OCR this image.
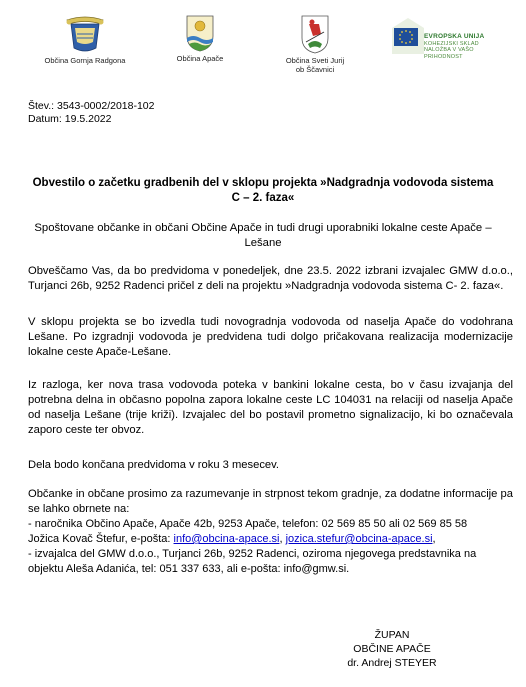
Občina Gornja Radgona	Občina Apače	Občina Sveti Jurij
ob Ščavnici
EVROPSKA UNIJA
KOHEZIJSKI SKLAD
NALOŽBA V VAŠO PRIHODNOST
Štev.: 3543-0002/2018-102
Datum: 19.5.2022
Obvestilo o začetku gradbenih del v sklopu projekta »Nadgradnja vodovoda sistema C – 2. faza«
Spoštovane občanke in občani Občine Apače in tudi drugi uporabniki lokalne ceste Apače – Lešane

Obveščamo Vas, da bo predvidoma v ponedeljek, dne 23.5. 2022 izbrani izvajalec GMW d.o.o., Turjanci 26b, 9252 Radenci pričel z deli na projektu »Nadgradnja vodovoda sistema C- 2. faza«.

V sklopu projekta se bo izvedla tudi novogradnja vodovoda od naselja Apače do vodohrana Lešane. Po izgradnji vodovoda je predvidena tudi dolgo pričakovana realizacija modernizacije lokalne ceste Apače-Lešane.

Iz razloga, ker nova trasa vodovoda poteka v bankini lokalne cesta, bo v času izvajanja del potrebna delna in občasno popolna zapora lokalne ceste LC 104031 na relaciji od naselja Apače od naselja Lešane (trije križi). Izvajalec del bo postavil prometno signalizacijo, ki bo označevala zaporo ceste ter obvoz.

Dela bodo končana predvidoma v roku 3 mesecev.

Občanke in občane prosimo za razumevanje in strpnost tekom gradnje, za dodatne informacije pa se lahko obrnete na:

- naročnika Občino Apače, Apače 42b, 9253 Apače, telefon: 02 569 85 50 ali 02 569 85 58
Jožica Kovač Štefur, e-pošta: info@obcina-apace.si, jozica.stefur@obcina-apace.si,
- izvajalca del GMW d.o.o., Turjanci 26b, 9252 Radenci, oziroma njegovega predstavnika na
objektu Aleša Adanića, tel: 051 337 633, ali e-pošta: info@gmw.si.
ŽUPAN
OBČINE APAČE
dr. Andrej STEYER
